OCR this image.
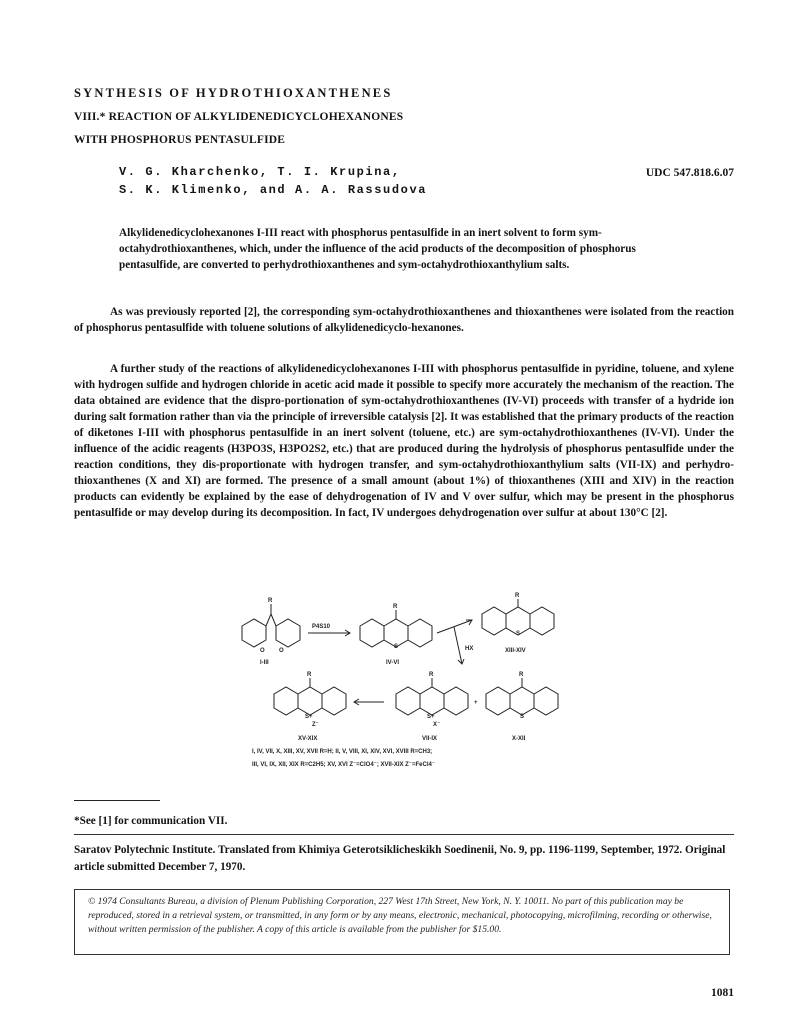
SYNTHESIS OF HYDROTHIOXANTHENES
VIII.* REACTION OF ALKYLIDENEDICYCLOHEXANONES
WITH PHOSPHORUS PENTASULFIDE
V. G. Kharchenko, T. I. Krupina,
S. K. Klimenko, and A. A. Rassudova
UDC 547.818.6.07
Alkylidenedicyclohexanones I-III react with phosphorus pentasulfide in an inert solvent to form sym-octahydrothioxanthenes, which, under the influence of the acid products of the decomposition of phosphorus pentasulfide, are converted to perhydrothioxanthenes and sym-octahydrothioxanthylium salts.
As was previously reported [2], the corresponding sym-octahydrothioxanthenes and thioxanthenes were isolated from the reaction of phosphorus pentasulfide with toluene solutions of alkylidenedicyclo-hexanones.
A further study of the reactions of alkylidenedicyclohexanones I-III with phosphorus pentasulfide in pyridine, toluene, and xylene with hydrogen sulfide and hydrogen chloride in acetic acid made it possible to specify more accurately the mechanism of the reaction. The data obtained are evidence that the dispro-portionation of sym-octahydrothioxanthenes (IV-VI) proceeds with transfer of a hydride ion during salt formation rather than via the principle of irreversible catalysis [2]. It was established that the primary products of the reaction of diketones I-III with phosphorus pentasulfide in an inert solvent (toluene, etc.) are sym-octahydrothioxanthenes (IV-VI). Under the influence of the acidic reagents (H3PO3S, H3PO2S2, etc.) that are produced during the hydrolysis of phosphorus pentasulfide under the reaction conditions, they dis-proportionate with hydrogen transfer, and sym-octahydrothioxanthylium salts (VII-IX) and perhydro-thioxanthenes (X and XI) are formed. The presence of a small amount (about 1%) of thioxanthenes (XIII and XIV) in the reaction products can evidently be explained by the ease of dehydrogenation of IV and V over sulfur, which may be present in the phosphorus pentasulfide or may develop during its decomposition. In fact, IV undergoes dehydrogenation over sulfur at about 130°C [2].
R
O O
P4S10
I-III
R
S
IV-VI
HX
R
S
XIII-XIV
R
S+
Z⁻
XV-XIX
R
S+
X⁻
VII-IX
+
R
S
X-XII
I, IV, VII, X, XIII, XV, XVII R=H; II, V, VIII, XI, XIV, XVI, XVIII R=CH3;
III, VI, IX, XII, XIX R=C2H5; XV, XVI Z⁻=ClO4⁻; XVII-XIX Z⁻=FeCl4⁻
*See [1] for communication VII.
Saratov Polytechnic Institute. Translated from Khimiya Geterotsiklicheskikh Soedinenii, No. 9, pp. 1196-1199, September, 1972. Original article submitted December 7, 1970.
© 1974 Consultants Bureau, a division of Plenum Publishing Corporation, 227 West 17th Street, New York, N. Y. 10011. No part of this publication may be reproduced, stored in a retrieval system, or transmitted, in any form or by any means, electronic, mechanical, photocopying, microfilming, recording or otherwise, without written permission of the publisher. A copy of this article is available from the publisher for $15.00.
1081
